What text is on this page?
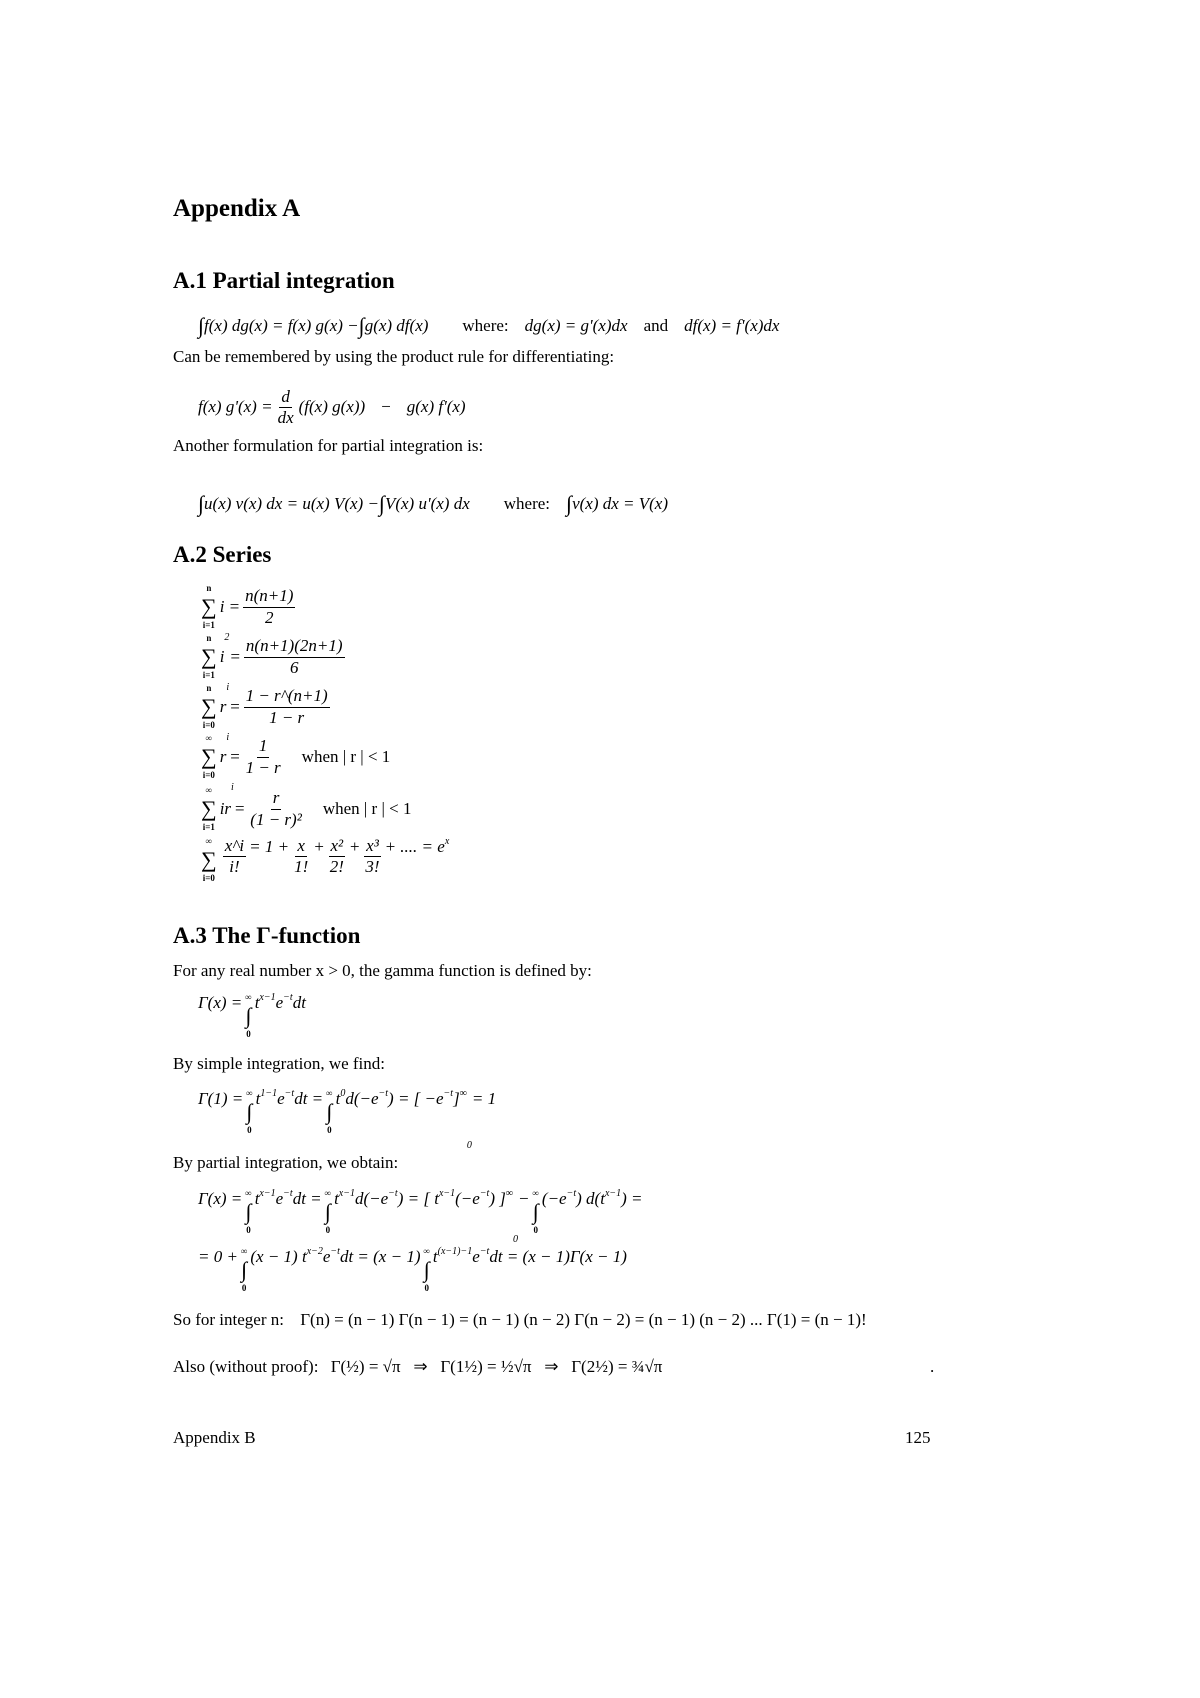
Appendix A
A.1 Partial integration
∫ f(x) dg(x) = f(x) g(x) − ∫ g(x) df(x) where: dg(x) = g'(x)dx and df(x) = f'(x)dx
Can be remembered by using the product rule for differentiating:
f(x) $g'(x) = \frac{d}{dx} (f(x) g(x)) - g(x)$ f'(x)
Another formulation for partial integration is:
∫ u(x) v(x) dx = u(x) V(x) − ∫ V(x) u'(x) dx where: ∫ v(x) dx = V(x)
A.2 Series
n
∑
i=1
$i = \frac{n(n+1)}{2}$
n
∑
i=1
i
2
= $\frac{n(n+1)(2n+1)}{6}$
n
∑
i=0
r
i
= $\frac{1 - r\^{}(n+1)}{1 - r}$
∞
∑
i=0
r
i
= $\frac{1}{1 - r}$ when | r | < 1
∞
∑
i=1
ir
i
= $\frac{r}{\text{(1 − r)²}}$ when | r | < 1
∞
∑
i=0
$\frac{x\^{}i}{i!} = 1 + \frac{x}{1!} + \frac{\text{x²}}{2!} + \frac{\text{x³}}{3!}$ + .... = e x
A.3 The Γ-function
For any real number x > 0, the gamma function is defined by:
Γ(x) = ∞
∫
0
t x−1 e −t dt
By simple integration, we find:
Γ(1) = ∞
∫
0
t 1−1 e −t dt = ∞
∫
0
t 0 d(−e −t ) = [ −e −t ] ∞
0
= 1
By partial integration, we obtain:
Γ(x) = ∞
∫
0
t x−1 e −t dt = ∞
∫
0
t x−1 d(−e −t ) = [ t x−1 (−e −t ) ] ∞
0
− ∞
∫
0
(−e −t ) d(t x−1 ) =
= 0 + ∞
∫
0
(x − 1) t x−2 e −t dt = (x − 1) ∞
∫
0
t (x−1)−1 e −t dt = (x − 1)Γ(x − 1)
So for integer n: Γ(n) = (n − 1) Γ(n − 1) = (n − 1) (n − 2) Γ(n − 2) = (n − 1) (n − 2) ... Γ(1) = (n − 1)!
Also (without proof): Γ(½) = √π   ⇒   Γ(1½) = ½√π   ⇒   Γ(2½) = ¾√π	.
Appendix B	125
